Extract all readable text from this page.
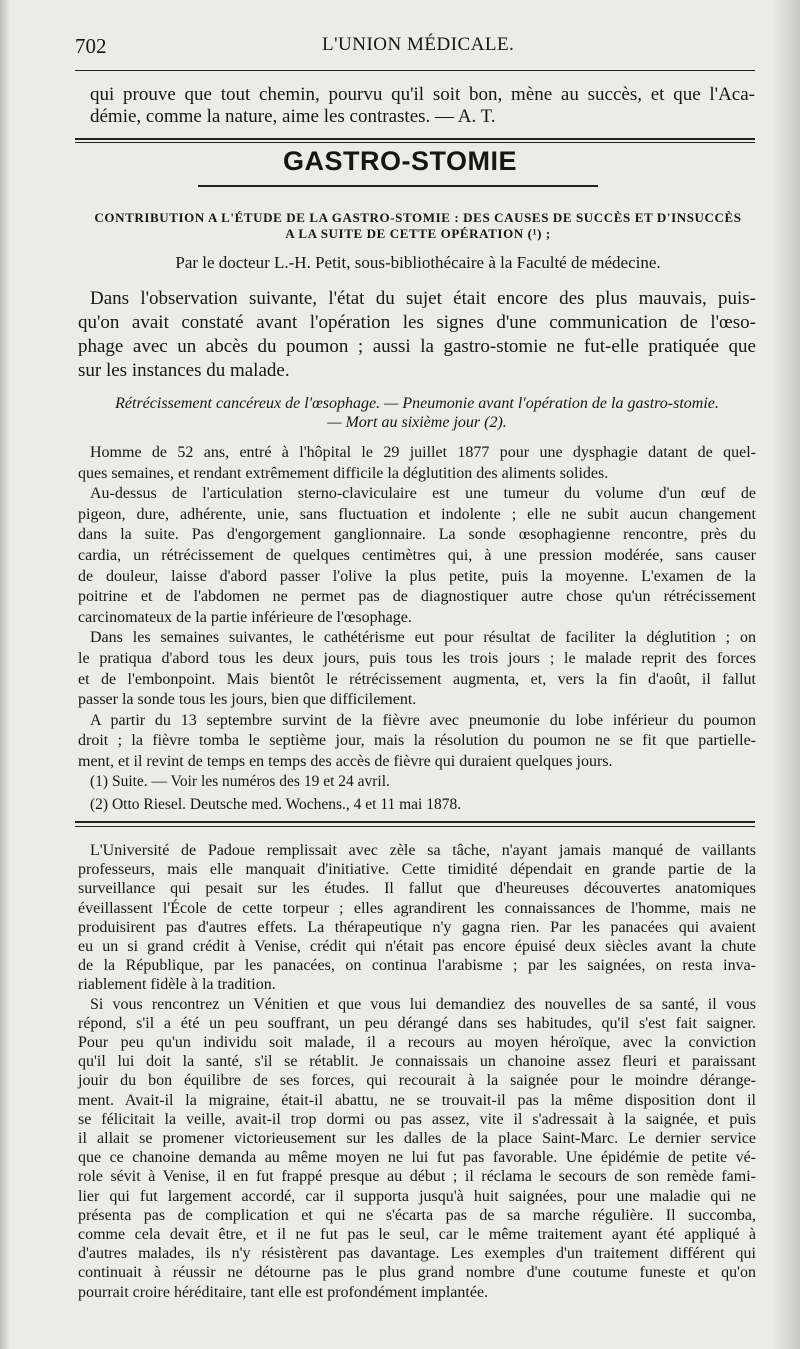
702	L'UNION MÉDICALE.
qui prouve que tout chemin, pourvu qu'il soit bon, mène au succès, et que l'Aca-
démie, comme la nature, aime les contrastes. — A. T.
GASTRO-STOMIE
CONTRIBUTION A L'ÉTUDE DE LA GASTRO-STOMIE : DES CAUSES DE SUCCÈS ET D'INSUCCÈS
A LA SUITE DE CETTE OPÉRATION (¹) ;
Par le docteur L.-H. Petit, sous-bibliothécaire à la Faculté de médecine.
Dans l'observation suivante, l'état du sujet était encore des plus mauvais, puis-
qu'on avait constaté avant l'opération les signes d'une communication de l'œso-
phage avec un abcès du poumon ; aussi la gastro-stomie ne fut-elle pratiquée que
sur les instances du malade.
Rétrécissement cancéreux de l'œsophage. — Pneumonie avant l'opération de la gastro-stomie.
— Mort au sixième jour (2).
Homme de 52 ans, entré à l'hôpital le 29 juillet 1877 pour une dysphagie datant de quel-
ques semaines, et rendant extrêmement difficile la déglutition des aliments solides.
Au-dessus de l'articulation sterno-claviculaire est une tumeur du volume d'un œuf de
pigeon, dure, adhérente, unie, sans fluctuation et indolente ; elle ne subit aucun changement
dans la suite. Pas d'engorgement ganglionnaire. La sonde œsophagienne rencontre, près du
cardia, un rétrécissement de quelques centimètres qui, à une pression modérée, sans causer
de douleur, laisse d'abord passer l'olive la plus petite, puis la moyenne. L'examen de la
poitrine et de l'abdomen ne permet pas de diagnostiquer autre chose qu'un rétrécissement
carcinomateux de la partie inférieure de l'œsophage.
Dans les semaines suivantes, le cathétérisme eut pour résultat de faciliter la déglutition ; on
le pratiqua d'abord tous les deux jours, puis tous les trois jours ; le malade reprit des forces
et de l'embonpoint. Mais bientôt le rétrécissement augmenta, et, vers la fin d'août, il fallut
passer la sonde tous les jours, bien que difficilement.
A partir du 13 septembre survint de la fièvre avec pneumonie du lobe inférieur du poumon
droit ; la fièvre tomba le septième jour, mais la résolution du poumon ne se fit que partielle-
ment, et il revint de temps en temps des accès de fièvre qui duraient quelques jours.
(1) Suite. — Voir les numéros des 19 et 24 avril.
(2) Otto Riesel. Deutsche med. Wochens., 4 et 11 mai 1878.
L'Université de Padoue remplissait avec zèle sa tâche, n'ayant jamais manqué de vaillants
professeurs, mais elle manquait d'initiative. Cette timidité dépendait en grande partie de la
surveillance qui pesait sur les études. Il fallut que d'heureuses découvertes anatomiques
éveillassent l'École de cette torpeur ; elles agrandirent les connaissances de l'homme, mais ne
produisirent pas d'autres effets. La thérapeutique n'y gagna rien. Par les panacées qui avaient
eu un si grand crédit à Venise, crédit qui n'était pas encore épuisé deux siècles avant la chute
de la République, par les panacées, on continua l'arabisme ; par les saignées, on resta inva-
riablement fidèle à la tradition.
Si vous rencontrez un Vénitien et que vous lui demandiez des nouvelles de sa santé, il vous
répond, s'il a été un peu souffrant, un peu dérangé dans ses habitudes, qu'il s'est fait saigner.
Pour peu qu'un individu soit malade, il a recours au moyen héroïque, avec la conviction
qu'il lui doit la santé, s'il se rétablit. Je connaissais un chanoine assez fleuri et paraissant
jouir du bon équilibre de ses forces, qui recourait à la saignée pour le moindre dérange-
ment. Avait-il la migraine, était-il abattu, ne se trouvait-il pas la même disposition dont il
se félicitait la veille, avait-il trop dormi ou pas assez, vite il s'adressait à la saignée, et puis
il allait se promener victorieusement sur les dalles de la place Saint-Marc. Le dernier service
que ce chanoine demanda au même moyen ne lui fut pas favorable. Une épidémie de petite vé-
role sévit à Venise, il en fut frappé presque au début ; il réclama le secours de son remède fami-
lier qui fut largement accordé, car il supporta jusqu'à huit saignées, pour une maladie qui ne
présenta pas de complication et qui ne s'écarta pas de sa marche régulière. Il succomba,
comme cela devait être, et il ne fut pas le seul, car le même traitement ayant été appliqué à
d'autres malades, ils n'y résistèrent pas davantage. Les exemples d'un traitement différent qui
continuait à réussir ne détourne pas le plus grand nombre d'une coutume funeste et qu'on
pourrait croire héréditaire, tant elle est profondément implantée.
